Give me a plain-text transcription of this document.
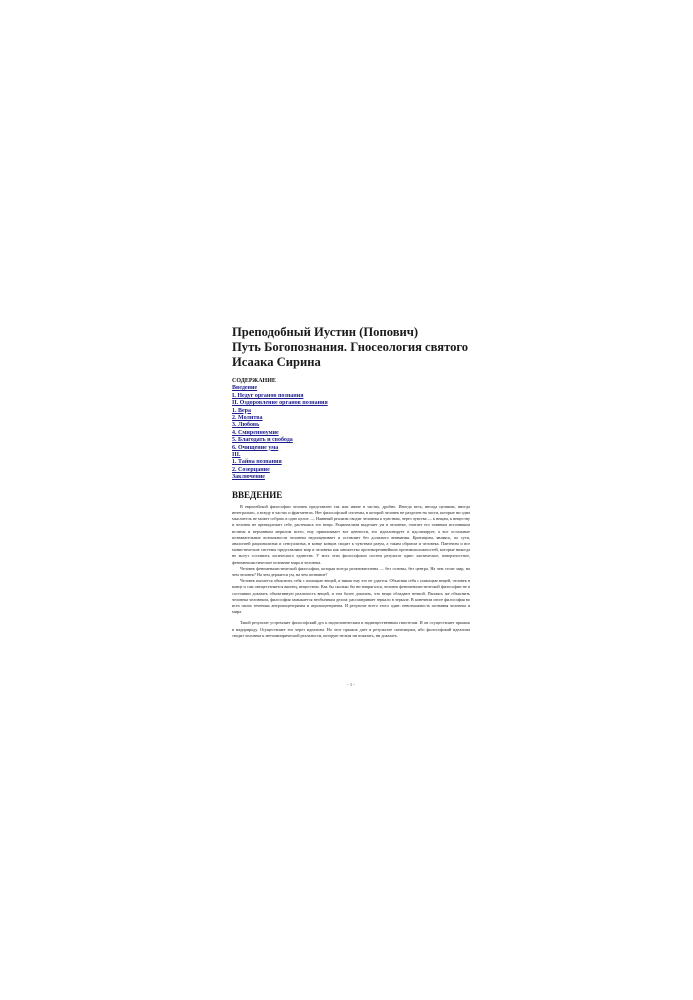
Преподобный Иустин (Попович)
Путь Богопознания. Гносеология святого
Исаака Сирина

СОДЕРЖАНИЕ

Введение
I. Недуг органов познания
II. Оздоровление органов познания
1. Вера
2. Молитва
3. Любовь
4. Смиренноумие
5. Благодать и свобода
6. Очищение ума
III.
1. Тайна познания
2. Созерцание
Заключение
ВВЕДЕНИЕ

В европейской философии человек представлен так или иначе в частях, дробно. Иногда весь, иногда целиком, иногда интегрально, а всюду в частях и фрагментах. Нет философской системы, в которой человек не разделен на части, которые ни одна мыслитель не может собрать в одно целое. — Наивный реализм сводит человека к чувствам, через чувства — к вещам, к веществу и человек не принадлежит себе, растекаясь его вещи. Рационализм выделяет ум в человеке, считает его главным источником истины и верховным мерилом всего, ему приписывает все ценности, его идеализирует и идолизирует, а все остальные познавательные возможности человека недооценивает и оставляет без должного внимания. Критицизм, являясь, по сути, аналогией рационализма и сенсуализма, в конце концов сводит к чувствам разум, а таким образом и человека. Пантеизм и все монистические системы представляют мир и человека как множество противоречивейших противоположностей, которые никогда не могут составить логического единства. У всех этих философских систем результат один: хаотическое, поверхностное, феноменалистическое познание мира и человека.

Человек феноменалистической философии, которая всегда релятивистична — без основы, без центра. На чем стоит мир, на чем человек? На чем держится ум, на чем познание?

Человек пытается объяснить себя с помощью вещей, и никак ему это не удается. Объясняя себя с помощью вещей, человек в конце и сам овеществляется вконец, веществом. Как бы сколько бы ни напрягался, человек феноменалистической философии не в состоянии доказать объективную реальность вещей, и тем более доказать, что вещи обладают вечной. Пытаясь же объяснить человека человеком, философия замыкается необычным делом: рассматривает зеркало в зеркале. В конечном итоге философия во всех своих течениях антропоцентрична и атропоцентрична. И результат всего этого один: невозможность познания человека и мира.

Такой результат устремляет философский дух к надчеловеческим и надвещественным гипотезам. И он осуществляет прыжок в надприроду. Осуществляет его через идеализм. Но этот прыжок дает в результате скептицизм, ибо философский идеализм сводит человека к метаэмпирической реальности, которую нельзя ни показать, ни доказать.

- 1 -
